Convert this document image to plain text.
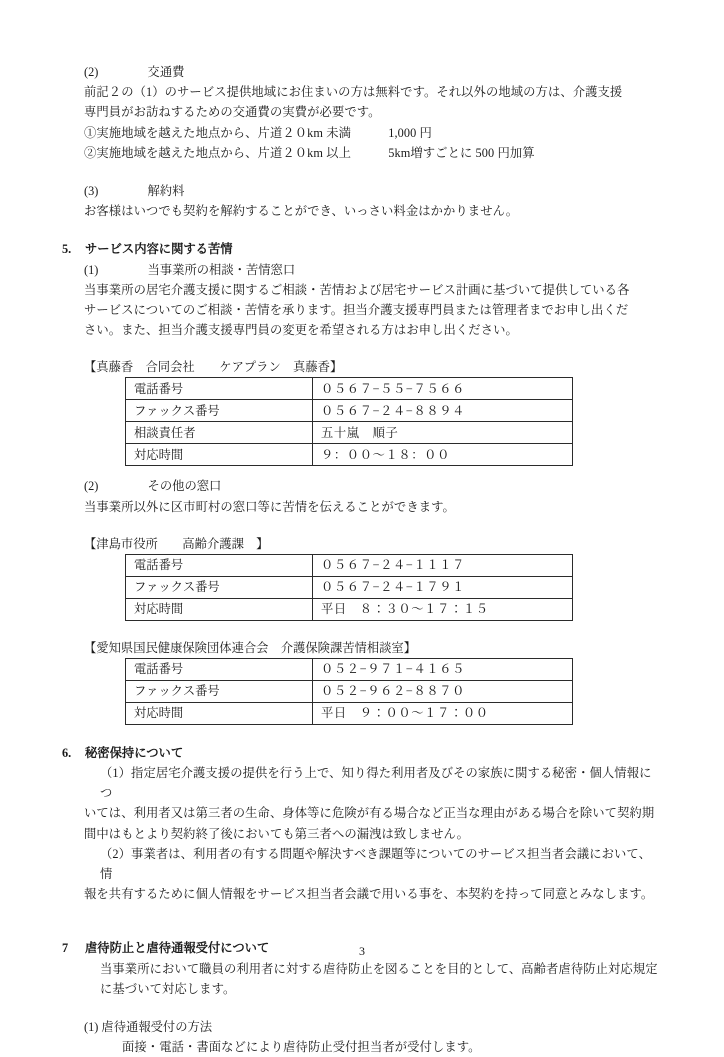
(2)　　　　	交通費

前記２の（1）のサービス提供地域にお住まいの方は無料です。それ以外の地域の方は、介護支援

専門員がお訪ねするための交通費の実費が必要です。

①実施地域を越えた地点から、片道２０km 未満　　　1,000 円

②実施地域を越えた地点から、片道２０km 以上　　　5km増すごとに 500 円加算

(3)　　　　	解約料

お客様はいつでも契約を解約することができ、いっさい料金はかかりません。

5.	サービス内容に関する苦情
(1)　　　　	当事業所の相談・苦情窓口

当事業所の居宅介護支援に関するご相談・苦情および居宅サービス計画に基づいて提供している各

サービスについてのご相談・苦情を承ります。担当介護支援専門員または管理者までお申し出くだ

さい。また、担当介護支援専門員の変更を希望される方はお申し出ください。

【真藤香　合同会社　　ケアプラン　真藤香】

電話番号	０５６７−５５−７５６６
ファックス番号	０５６７−２４−８８９４
相談責任者	五十嵐　順子
対応時間	９：００〜１８：００
(2)　　　　	その他の窓口

当事業所以外に区市町村の窓口等に苦情を伝えることができます。

【津島市役所　　高齢介護課　】

電話番号	０５６７−２４−１１１７
ファックス番号	０５６７−２４−１７９１
対応時間	平日　８：３０〜１７：１５

【愛知県国民健康保険団体連合会　介護保険課苦情相談室】

電話番号	０５２−９７１−４１６５
ファックス番号	０５２−９６２−８８７０
対応時間	平日　９：００〜１７：００
6.	秘密保持について

（1）指定居宅介護支援の提供を行う上で、知り得た利用者及びその家族に関する秘密・個人情報につ

いては、利用者又は第三者の生命、身体等に危険が有る場合など正当な理由がある場合を除いて契約期

間中はもとより契約終了後においても第三者への漏洩は致しません。

（2）事業者は、利用者の有する問題や解決すべき課題等についてのサービス担当者会議において、情

報を共有するために個人情報をサービス担当者会議で用いる事を、本契約を持って同意とみなします。

7	虐待防止と虐待通報受付について

当事業所において職員の利用者に対する虐待防止を図ることを目的として、高齢者虐待防止対応規定

に基づいて対応します。

(1) 虐待通報受付の方法

面接・電話・書面などにより虐待防止受付担当者が受付します。

3
